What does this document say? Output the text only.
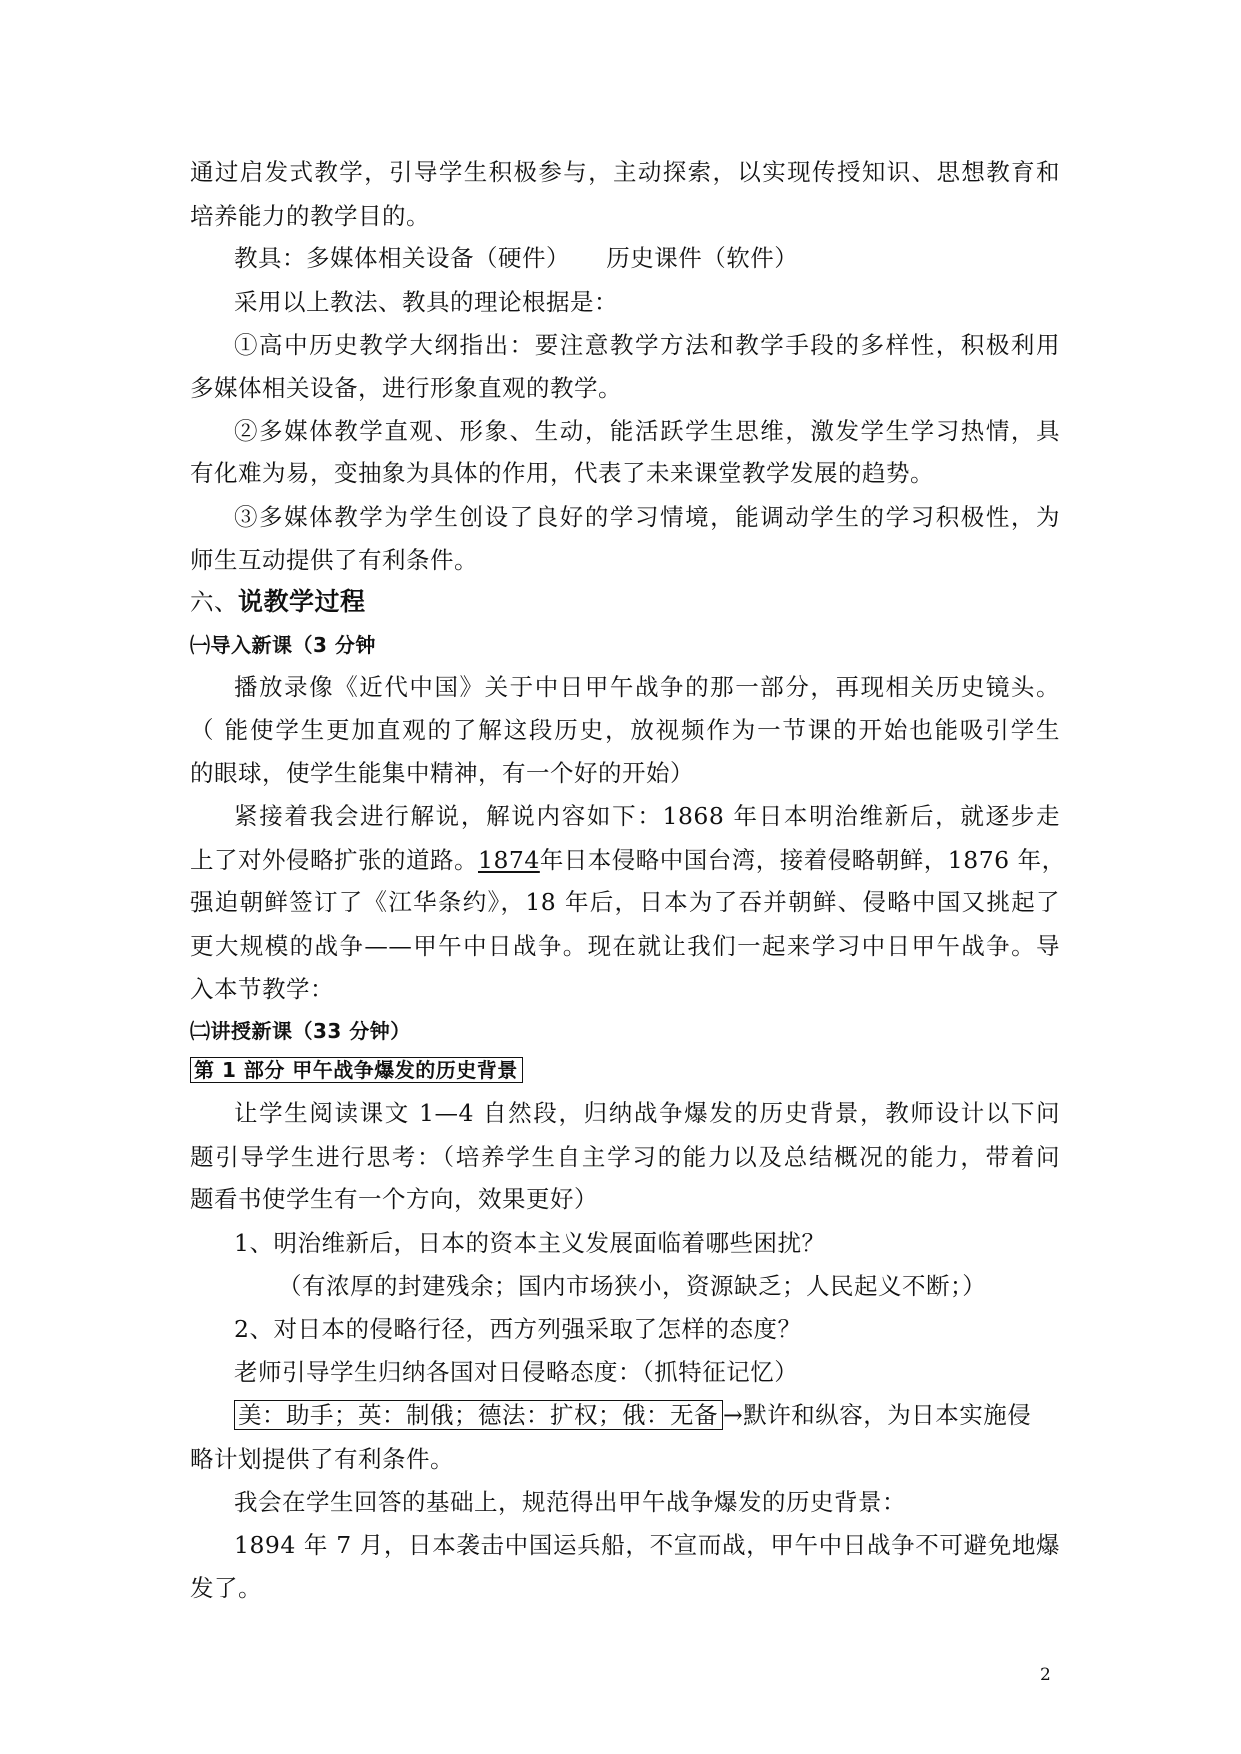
通过启发式教学，引导学生积极参与，主动探索，以实现传授知识、思想教育和
培养能力的教学目的。
教具：多媒体相关设备（硬件）　　历史课件（软件）
采用以上教法、教具的理论根据是：
①高中历史教学大纲指出：要注意教学方法和教学手段的多样性，积极利用
多媒体相关设备，进行形象直观的教学。
②多媒体教学直观、形象、生动，能活跃学生思维，激发学生学习热情，具
有化难为易，变抽象为具体的作用，代表了未来课堂教学发展的趋势。
③多媒体教学为学生创设了良好的学习情境，能调动学生的学习积极性，为
师生互动提供了有利条件。
六、说教学过程
㈠导入新课（3 分钟
播放录像《近代中国》关于中日甲午战争的那一部分，再现相关历史镜头。
（ 能使学生更加直观的了解这段历史，放视频作为一节课的开始也能吸引学生
的眼球，使学生能集中精神，有一个好的开始）
紧接着我会进行解说，解说内容如下：1868 年日本明治维新后，就逐步走
上了对外侵略扩张的道路。1874年日本侵略中国台湾，接着侵略朝鲜，1876 年，
强迫朝鲜签订了《江华条约》，18 年后，日本为了吞并朝鲜、侵略中国又挑起了
更大规模的战争——甲午中日战争。现在就让我们一起来学习中日甲午战争。导
入本节教学：
㈡讲授新课（33 分钟）
第 1 部分 甲午战争爆发的历史背景
让学生阅读课文 1—4 自然段，归纳战争爆发的历史背景，教师设计以下问
题引导学生进行思考：（培养学生自主学习的能力以及总结概况的能力，带着问
题看书使学生有一个方向，效果更好）
1、明治维新后，日本的资本主义发展面临着哪些困扰？
（有浓厚的封建残余；国内市场狭小，资源缺乏；人民起义不断；）
2、对日本的侵略行径，西方列强采取了怎样的态度？
老师引导学生归纳各国对日侵略态度：（抓特征记忆）
美：助手；英：制俄；德法：扩权；俄：无备 →默许和纵容，为日本实施侵
略计划提供了有利条件。
我会在学生回答的基础上，规范得出甲午战争爆发的历史背景：
1894 年 7 月，日本袭击中国运兵船，不宣而战，甲午中日战争不可避免地爆
发了。
2
